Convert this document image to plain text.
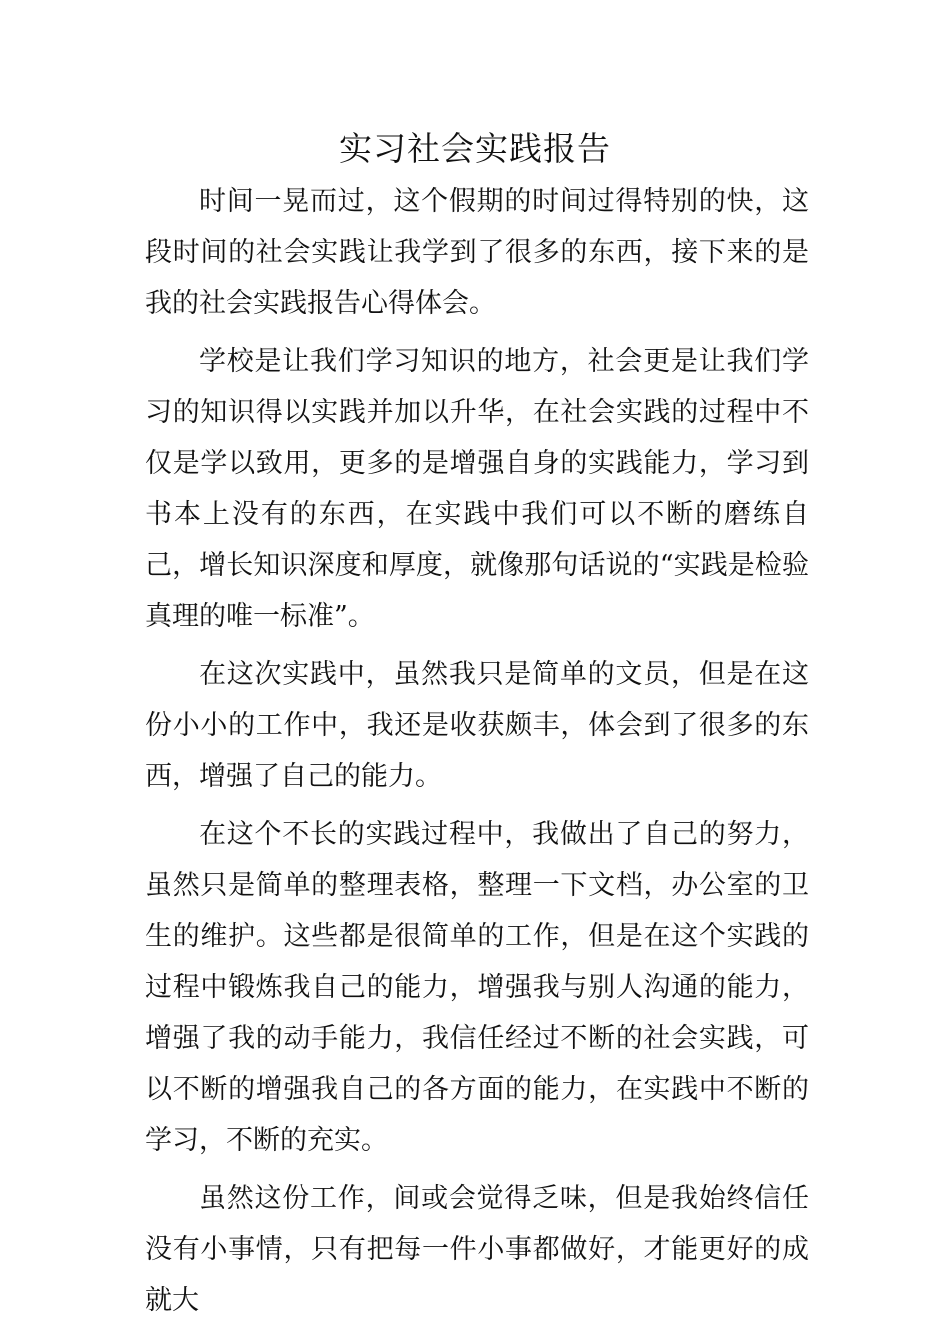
实习社会实践报告

时间一晃而过，这个假期的时间过得特别的快，这段时间的社会实践让我学到了很多的东西，接下来的是我的社会实践报告心得体会。

学校是让我们学习知识的地方，社会更是让我们学习的知识得以实践并加以升华，在社会实践的过程中不仅是学以致用，更多的是增强自身的实践能力，学习到书本上没有的东西，在实践中我们可以不断的磨练自己，增长知识深度和厚度，就像那句话说的“实践是检验真理的唯一标准”。

在这次实践中，虽然我只是简单的文员，但是在这份小小的工作中，我还是收获颇丰，体会到了很多的东西，增强了自己的能力。

在这个不长的实践过程中，我做出了自己的努力，虽然只是简单的整理表格，整理一下文档，办公室的卫生的维护。这些都是很简单的工作，但是在这个实践的过程中锻炼我自己的能力，增强我与别人沟通的能力，增强了我的动手能力，我信任经过不断的社会实践，可以不断的增强我自己的各方面的能力，在实践中不断的学习，不断的充实。

虽然这份工作，间或会觉得乏味，但是我始终信任没有小事情，只有把每一件小事都做好，才能更好的成就大
